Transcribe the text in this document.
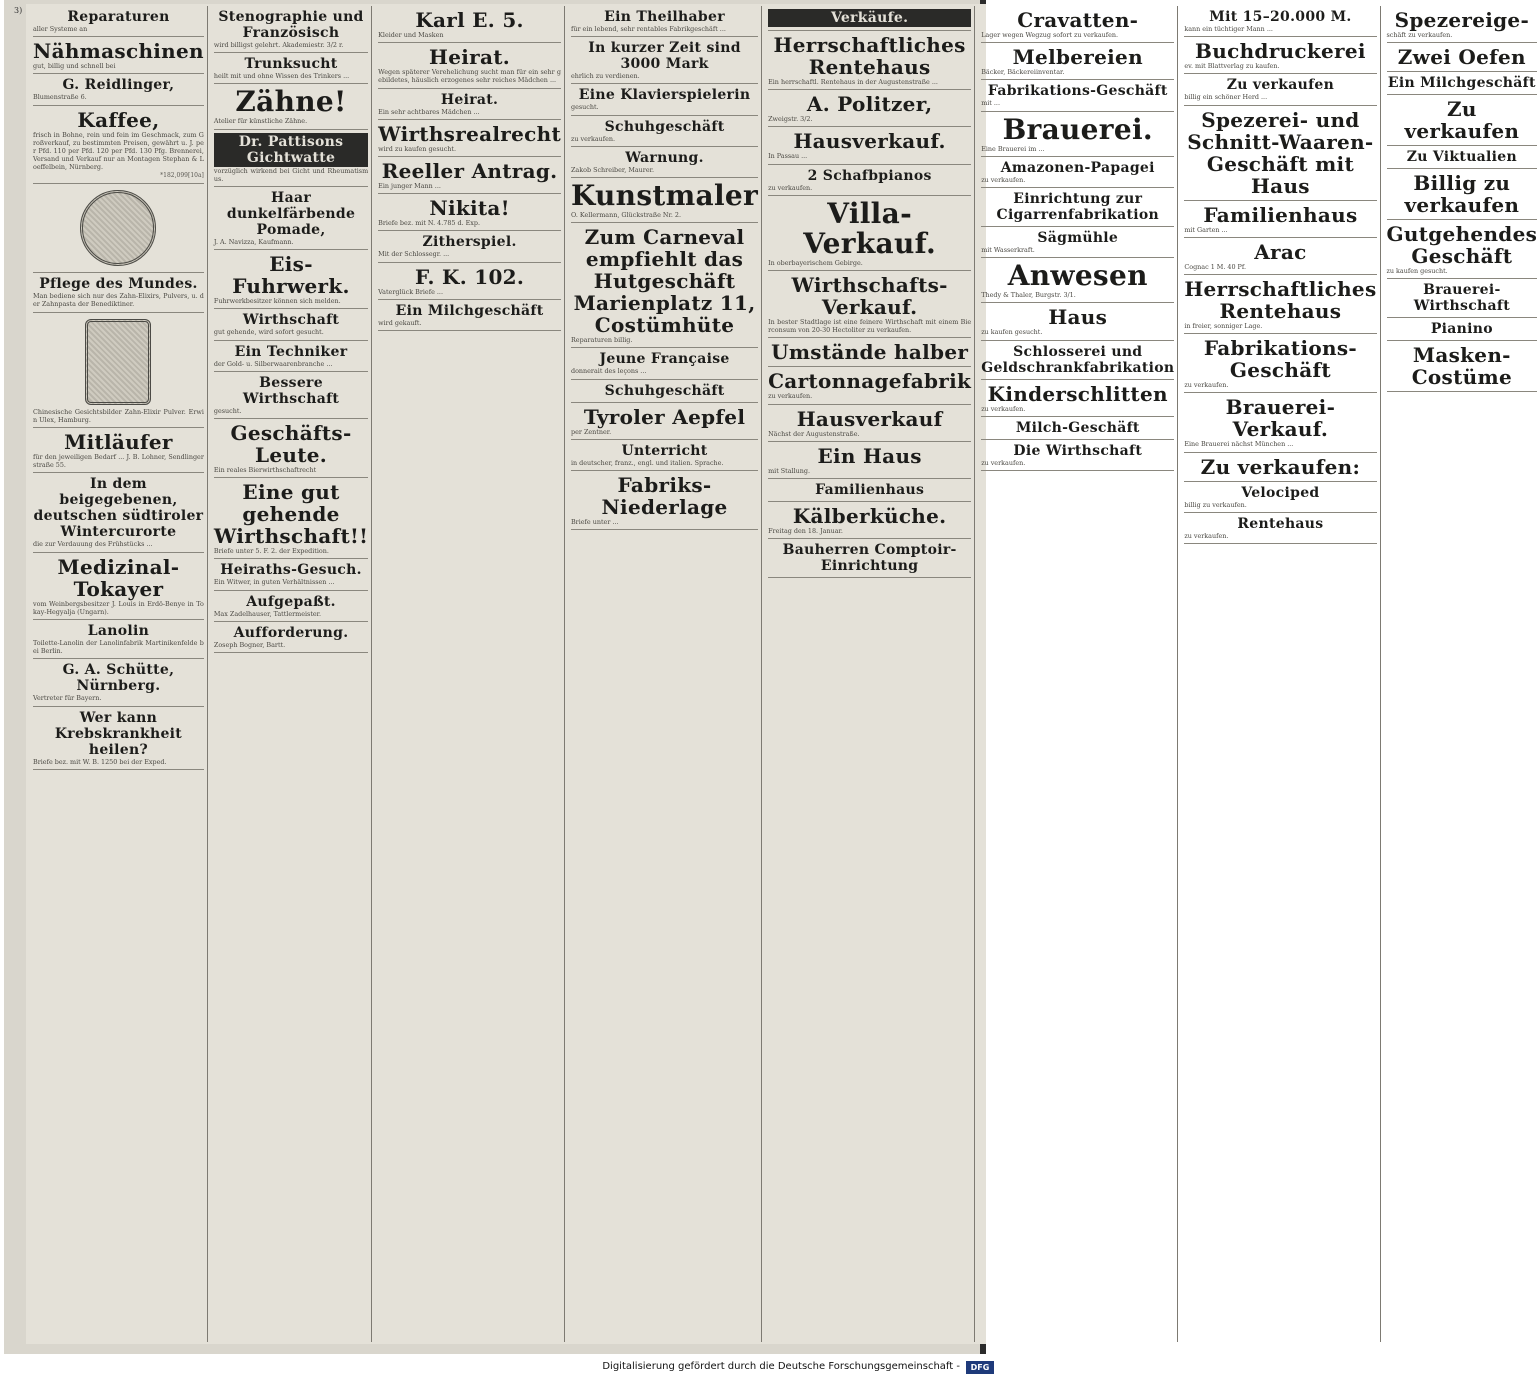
3)	Reparaturen
aller Systeme an
Nähmaschinen
gut, billig und schnell bei
G. Reidlinger,
Blumenstraße 6.
Kaffee,
frisch in Bohne, rein und fein im Geschmack, zum Großverkauf, zu bestimmten Preisen, gewährt u. J. per Pfd. 110 per Pfd. 120 per Pfd. 130 Pfg. Brennerei, Versand und Verkauf nur an Montagen Stephan & Loeffelbein, Nürnberg.
*182,099[10a]
Pflege des Mundes.
Man bediene sich nur des Zahn-Elixirs, Pulvers, u. der Zahnpasta der Benediktiner.
Chinesische Gesichtsbilder Zahn-Elixir Pulver. Erwin Ulex, Hamburg.
Mitläufer
für den jeweiligen Bedarf ... J. B. Lohner, Sendlingerstraße 55.
In dem beigegebenen, deutschen südtiroler Wintercurorte
die zur Verdauung des Frühstücks ...
Medizinal-Tokayer
vom Weinbergsbesitzer J. Louis in Erdö-Benye in Tokay-Hegyalja (Ungarn).
Lanolin
Toilette-Lanolin der Lanolinfabrik Martinikenfelde bei Berlin.
G. A. Schütte, Nürnberg.
Vertreter für Bayern.
Wer kann Krebskrankheit heilen?
Briefe bez. mit W. B. 1250 bei der Exped.
Stenographie und Französisch
wird billigst gelehrt. Akademiestr. 3/2 r.
Trunksucht
heilt mit und ohne Wissen des Trinkers ...
Zähne!
Atelier für künstliche Zähne.
Dr. Pattisons Gichtwatte
vorzüglich wirkend bei Gicht und Rheumatismus.
Haar dunkelfärbende Pomade,
J. A. Navizza, Kaufmann.
Eis-Fuhrwerk.
Fuhrwerkbesitzer können sich melden.
Wirthschaft
gut gehende, wird sofort gesucht.
Ein Techniker
der Gold- u. Silberwaarenbranche ...
Bessere Wirthschaft
gesucht.
Geschäfts-Leute.
Ein reales Bierwirthschaftrecht
Eine gut gehende Wirthschaft!!
Briefe unter 5. F. 2. der Expedition.
Heiraths-Gesuch.
Ein Witwer, in guten Verhältnissen ...
Aufgepaßt.
Max Zadelhauser, Tattlermeister.
Aufforderung.
Zoseph Bogner, Bartt.
Karl E. 5.
Kleider und Masken
Heirat.
Wegen späterer Verehelichung sucht man für ein sehr gebildetes, häuslich erzogenes sehr reiches Mädchen ...
Heirat.
Ein sehr achtbares Mädchen ...
Wirthsrealrecht
wird zu kaufen gesucht.
Reeller Antrag.
Ein junger Mann ...
Nikita!
Briefe bez. mit N. 4.785 d. Exp.
Zitherspiel.
Mit der Schlossegr. ...
F. K. 102.
Vaterglück Briefe ...
Ein Milchgeschäft
wird gekauft.
Ein Theilhaber
für ein lebend, sehr rentables Fabrikgeschäft ...
In kurzer Zeit sind 3000 Mark
ehrlich zu verdienen.
Eine Klavierspielerin
gesucht.
Schuhgeschäft
zu verkaufen.
Warnung.
Zakob Schreiber, Maurer.
Kunstmaler
O. Kellermann, Glückstraße Nr. 2.
Zum Carneval empfiehlt das Hutgeschäft Marienplatz 11, Costümhüte
Reparaturen billig.
Jeune Française
donnerait des leçons ...
Schuhgeschäft
Tyroler Aepfel
per Zentner.
Unterricht
in deutscher, franz., engl. und italien. Sprache.
Fabriks-Niederlage
Briefe unter ...
Verkäufe.
Herrschaftliches Rentehaus
Ein herrschaftl. Rentehaus in der Augustenstraße ...
A. Politzer,
Zweigstr. 3/2.
Hausverkauf.
In Passau ...
2 Schafbpianos
zu verkaufen.
Villa-Verkauf.
In oberbayerischem Gebirge.
Wirthschafts-Verkauf.
In bester Stadtlage ist eine feinere Wirthschaft mit einem Bierconsum von 20-30 Hectoliter zu verkaufen.
Umstände halber
Cartonnagefabrik
zu verkaufen.
Hausverkauf
Nächst der Augustenstraße.
Ein Haus
mit Stallung.
Familienhaus
Kälberküche.
Freitag den 18. Januar.
Bauherren Comptoir-Einrichtung
Cravatten-
Lager wegen Wegzug sofort zu verkaufen.
Melbereien
Bäcker, Bäckereiinventar.
Fabrikations-Geschäft
mit ...
Brauerei.
Eine Brauerei im ...
Amazonen-Papagei
zu verkaufen.
Einrichtung zur Cigarrenfabrikation
Sägmühle
mit Wasserkraft.
Anwesen
Thedy & Thaler, Burgstr. 3/1.
Haus
zu kaufen gesucht.
Schlosserei und Geldschrankfabrikation
Kinderschlitten
zu verkaufen.
Milch-Geschäft
Die Wirthschaft
zu verkaufen.
Mit 15–20.000 M.
kann ein tüchtiger Mann ...
Buchdruckerei
ev. mit Blattverlag zu kaufen.
Zu verkaufen
billig ein schöner Herd ...
Spezerei- und Schnitt-Waaren-Geschäft mit Haus
Familienhaus
mit Garten ...
Arac
Cognac 1 M. 40 Pf.
Herrschaftliches Rentehaus
in freier, sonniger Lage.
Fabrikations-Geschäft
zu verkaufen.
Brauerei-Verkauf.
Eine Brauerei nächst München ...
Zu verkaufen:
Velociped
billig zu verkaufen.
Rentehaus
zu verkaufen.
Spezereige-
schäft zu verkaufen.
Zwei Oefen
Ein Milchgeschäft
Zu verkaufen
Zu Viktualien
Billig zu verkaufen
Gutgehendes Geschäft
zu kaufen gesucht.
Brauerei-Wirthschaft
Pianino
Masken-Costüme
Digitalisierung gefördert durch die Deutsche Forschungsgemeinschaft -	DFG
